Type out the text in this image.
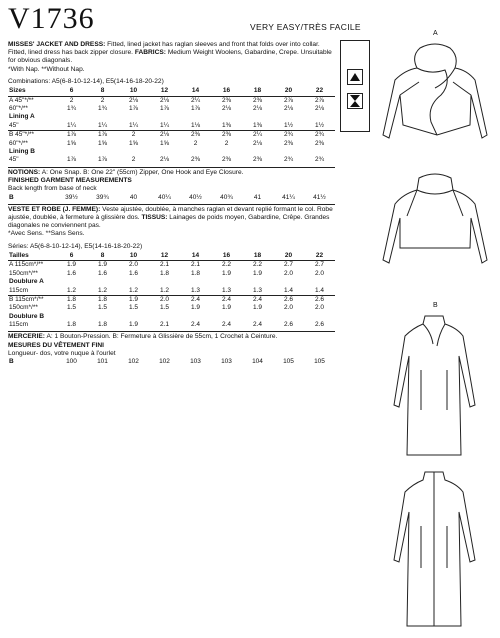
V1736	VERY EASY/TRÈS FACILE

MISSES' JACKET AND DRESS: Fitted, lined jacket has raglan sleeves and front that folds over into collar. Fitted, lined dress has back zipper closure. FABRICS: Medium Weight Woolens, Gabardine, Crepe. Unsuitable for obvious diagonals.
*With Nap. **Without Nap.

Combinations: A5(6-8-10-12-14), E5(14-16-18-20-22)
Sizes	6	8	10	12	14	16	18	20	22
A 45"*/**	2	2	2⅛	2⅛	2¼	2⅜	2⅜	2⅞	2⅞
60"*/**	1¾	1¾	1⅞	1⅞	1⅞	2⅛	2⅛	2⅛	2⅛
Lining A									
45"	1¼	1¼	1¼	1¼	1⅛	1⅜	1⅜	1½	1½
B 45"*/**	1⅞	1⅞	2	2⅛	2⅜	2⅜	2¼	2¾	2¾
60"*/**	1⅝	1⅝	1⅝	1⅝	2	2	2⅛	2⅜	2⅜
Lining B									
45"	1⅞	1⅞	2	2⅛	2⅜	2⅜	2⅜	2¾	2¾

NOTIONS: A: One Snap. B: One 22" (55cm) Zipper, One Hook and Eye Closure.

FINISHED GARMENT MEASUREMENTS

Back length from base of neck

B	39½	39¾	40	40¼	40½	40¾	41	41¼	41½

VESTE ET ROBE (J. FEMME): Veste ajustée, doublée, à manches raglan et devant replié formant le col. Robe ajustée, doublée, à fermeture à glissière dos. TISSUS: Lainages de poids moyen, Gabardine, Crêpe. Grandes diagonales ne conviennent pas.
*Avec Sens. **Sans Sens.

Séries: A5(6-8-10-12-14), E5(14-16-18-20-22)
Tailles	6	8	10	12	14	16	18	20	22
A 115cm*/**	1.9	1.9	2.0	2.1	2.1	2.2	2.2	2.7	2.7
150cm*/**	1.6	1.6	1.6	1.8	1.8	1.9	1.9	2.0	2.0
Doublure A									
115cm	1.2	1.2	1.2	1.2	1.3	1.3	1.3	1.4	1.4
B 115cm*/**	1.8	1.8	1.9	2.0	2.4	2.4	2.4	2.6	2.6
150cm*/**	1.5	1.5	1.5	1.5	1.9	1.9	1.9	2.0	2.0
Doublure B									
115cm	1.8	1.8	1.9	2.1	2.4	2.4	2.4	2.6	2.6

MERCERIE: A: 1 Bouton-Pression. B: Fermeture à Glissière de 55cm, 1 Crochet à Ceinture.

MESURES DU VÊTEMENT FINI

Longueur- dos, votre nuque à l'ourlet

B	100	101	102	102	103	103	104	105	105
A
B
